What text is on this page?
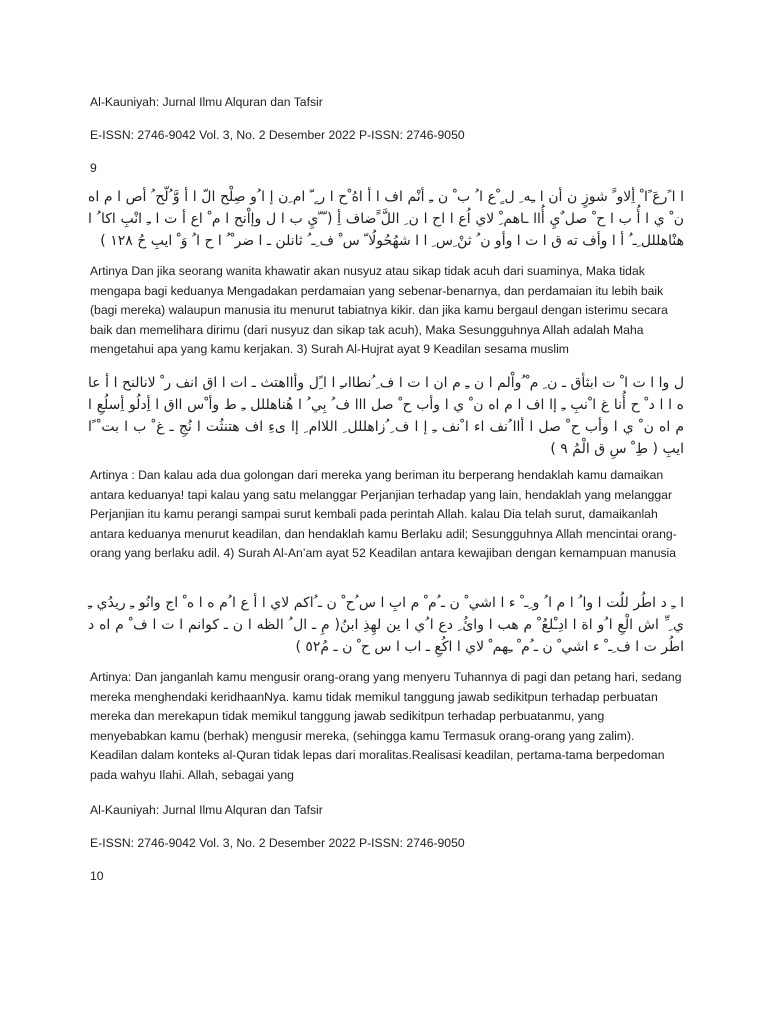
Al-Kauniyah: Jurnal Ilmu Alquran dan Tafsir

E-ISSN: 2746-9042 Vol. 3, No. 2 Desember 2022 P-ISSN: 2746-9050

9

ا ا ًرعَ ًا ْ أِلاو ًَ شوزٍ ن أن ا ـِه ِ ل ٍ ْع ا ُ ب ْ ن ـِ أنْم اف ا أ اهُ ْح ا ر ٍ ّ ام ِن إ ا ُو صِلْح الّ ا أ وَّ ُلّح ُ أص ا م اه ن ْ ي ا أُ ب ا ح ْ صل ٌيِ أُاا ـاهم ِْ لاي اُع ا اح ا ن ِ اللَّ ًَضاف أِ ( ّ ّيِ ب ا ل وإاْنح ا م ْ اع أ ت ا ـِ انْبِ اكا ُ ا هنْاهللل ِـ ُ أ ا وأف ته ق ا ت ا وأو ن ُ ثنْ ِس ِ ا ا شهُحُولُا ّ س ْ ف ِـ ُ ثانلن ـ ا ضر ْ ُ ا ح ا ُ وَ ْ ايبِ حُ ١٢٨ )

Artinya Dan jika seorang wanita khawatir akan nusyuz atau sikap tidak acuh dari suaminya, Maka tidak mengapa bagi keduanya Mengadakan perdamaian yang sebenar-benarnya, dan perdamaian itu lebih baik (bagi mereka) walaupun manusia itu menurut tabiatnya kikir. dan jika kamu bergaul dengan isterimu secara baik dan memelihara dirimu (dari nusyuz dan sikap tak acuh), Maka Sesungguhnya Allah adalah Maha mengetahui apa yang kamu kerjakan. 3) Surah Al-Hujrat ayat 9 Keadilan sesama muslim

ل وا ا ت ا ْ ت ابثأق ـ ن ِ م ْ ُواْلم ا ن ـِ م ان ا ت ا ف ِ ُنطااىـِ ا ا ًِل وأااهتث ـ ات ا اق انف ر ْ لانالنح ا أ عا ه ا ا د ْ ح أُنا غ ا ْنبِ ـِ إا اف ا م اه ن ْ ي ا وأب ح ْ صل ااا ف ُ بِي ُ ا هُناهللل ـِ ط وأ ْس ااق ا أِدلُو أِسلُعِ ا م اه ن ْ ي ا وأب ح ْ صل ا أاا ُنف اء ا ْنف ـِ إ ا ف ِ ُزاهللل ِ اللاام ِ إا ىءِ اف هتنثُت ا نُجِ ـ غ ْ ب ا بت ْ ًا ايبِ ( طِ ْ سِ ق الْمُ ٩ )

Artinya : Dan kalau ada dua golongan dari mereka yang beriman itu berperang hendaklah kamu damaikan antara keduanya! tapi kalau yang satu melanggar Perjanjian terhadap yang lain, hendaklah yang melanggar Perjanjian itu kamu perangi sampai surut kembali pada perintah Allah. kalau Dia telah surut, damaikanlah antara keduanya menurut keadilan, dan hendaklah kamu Berlaku adil; Sesungguhnya Allah mencintai orang-orang yang berlaku adil. 4) Surah Al-An’am ayat 52 Keadilan antara kewajiban dengan kemampuan manusia

ا ـِ د اطُر للُت ا وا ُ ا م ا ُ و ِـ ْ ء ا اشي ْ ن ـ ُم ْ م ابِ ا س ُح ْ ن ـ ُاكم لاي ا أ ع ا ُم ه ا ه ْ اج وانُو ـِ ريدُي ـِ ي ِ ِّ اش الْعِ ا ُو اة ا ادِـْلعُ ْ م هب ا وائُ ِ دع ا ُي ا ين لهِذِ ابنُ( مِ ـ ال ُ الظه ا ن ـ كوانم ا ت ا ف ْ م اه د اطُر ت ا ف ِـ ْ ء اشي ْ ن ـ ُم ْ ـِهم ْ لاي ا اكُعِ ـ اب ا س ح ْ ن ـ مُ٥٢ )

Artinya: Dan janganlah kamu mengusir orang-orang yang menyeru Tuhannya di pagi dan petang hari, sedang mereka menghendaki keridhaanNya. kamu tidak memikul tanggung jawab sedikitpun terhadap perbuatan mereka dan merekapun tidak memikul tanggung jawab sedikitpun terhadap perbuatanmu, yang menyebabkan kamu (berhak) mengusir mereka, (sehingga kamu Termasuk orang-orang yang zalim). Keadilan dalam konteks al-Quran tidak lepas dari moralitas.Realisasi keadilan, pertama-tama berpedoman pada wahyu Ilahi. Allah, sebagai yang

Al-Kauniyah: Jurnal Ilmu Alquran dan Tafsir

E-ISSN: 2746-9042 Vol. 3, No. 2 Desember 2022 P-ISSN: 2746-9050

10
